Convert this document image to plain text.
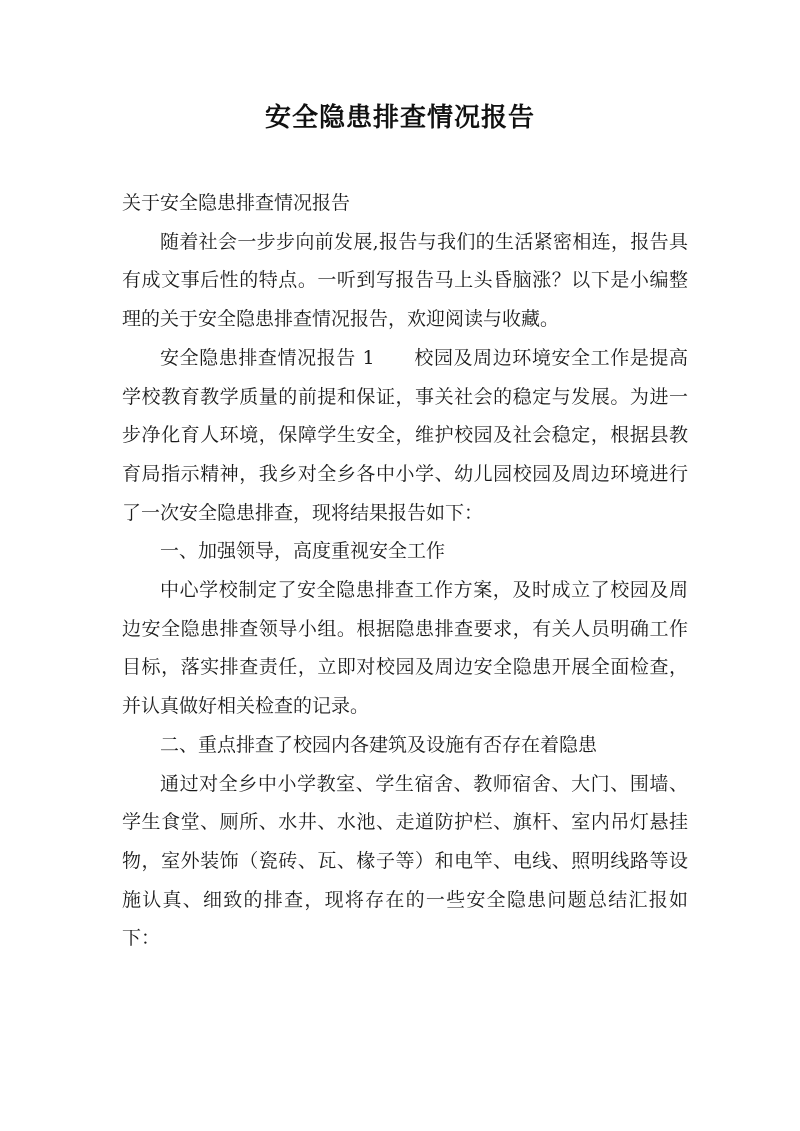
安全隐患排查情况报告

关于安全隐患排查情况报告

随着社会一步步向前发展,报告与我们的生活紧密相连，报告具有成文事后性的特点。一听到写报告马上头昏脑涨？以下是小编整理的关于安全隐患排查情况报告，欢迎阅读与收藏。

安全隐患排查情况报告 1　　校园及周边环境安全工作是提高学校教育教学质量的前提和保证，事关社会的稳定与发展。为进一步净化育人环境，保障学生安全，维护校园及社会稳定，根据县教育局指示精神，我乡对全乡各中小学、幼儿园校园及周边环境进行了一次安全隐患排查，现将结果报告如下：

一、加强领导，高度重视安全工作

中心学校制定了安全隐患排查工作方案，及时成立了校园及周边安全隐患排查领导小组。根据隐患排查要求，有关人员明确工作目标，落实排查责任，立即对校园及周边安全隐患开展全面检查，并认真做好相关检查的记录。

二、重点排查了校园内各建筑及设施有否存在着隐患

通过对全乡中小学教室、学生宿舍、教师宿舍、大门、围墙、学生食堂、厕所、水井、水池、走道防护栏、旗杆、室内吊灯悬挂物，室外装饰（瓷砖、瓦、椽子等）和电竿、电线、照明线路等设施认真、细致的排查，现将存在的一些安全隐患问题总结汇报如下：
